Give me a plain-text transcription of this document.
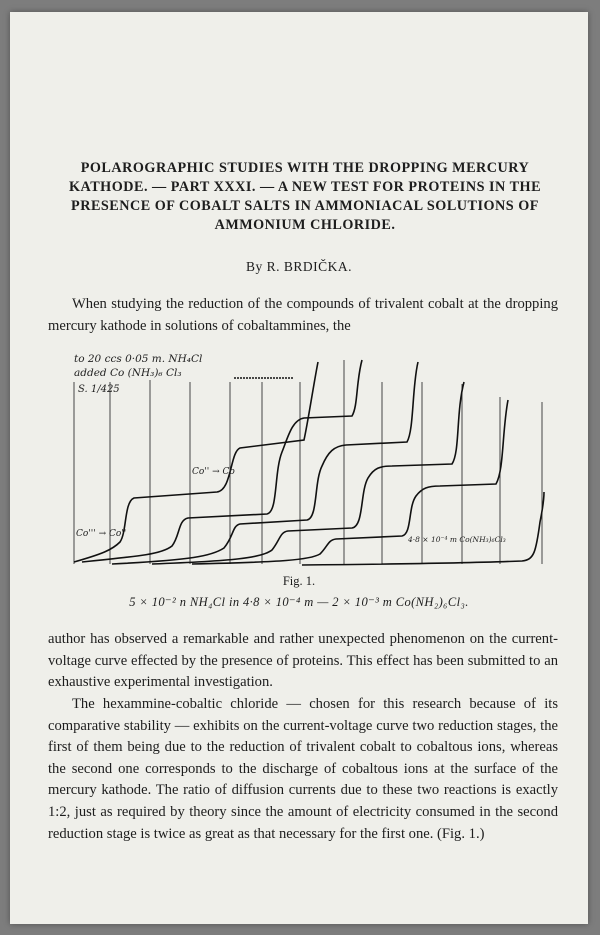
POLAROGRAPHIC STUDIES WITH THE DROPPING MERCURY KATHODE. — PART XXXI. — A NEW TEST FOR PROTEINS IN THE PRESENCE OF COBALT SALTS IN AMMONIACAL SOLUTIONS OF AMMONIUM CHLORIDE.
By R. BRDIČKA.
When studying the reduction of the compounds of trivalent cobalt at the dropping mercury kathode in solutions of cobaltammines, the
to 20 ccs 0·05 m. NH₄Cl
added Co (NH₃)₆ Cl₃
S. 1/425
Co'' → Co
Co''' → Co''
4·8 × 10⁻⁴ m Co(NH₃)₆Cl₃
Fig. 1.
5 × 10⁻² n NH₄Cl in 4·8 × 10⁻⁴ m — 2 × 10⁻³ m Co(NH₂)₆Cl₃.
author has observed a remarkable and rather unexpected phenomenon on the current-voltage curve effected by the presence of proteins. This effect has been submitted to an exhaustive experimental investigation.
The hexammine-cobaltic chloride — chosen for this research because of its comparative stability — exhibits on the current-voltage curve two reduction stages, the first of them being due to the reduction of trivalent cobalt to cobaltous ions, whereas the second one corresponds to the discharge of cobaltous ions at the surface of the mercury kathode. The ratio of diffusion currents due to these two reactions is exactly 1:2, just as required by theory since the amount of electricity consumed in the second reduction stage is twice as great as that necessary for the first one. (Fig. 1.)
